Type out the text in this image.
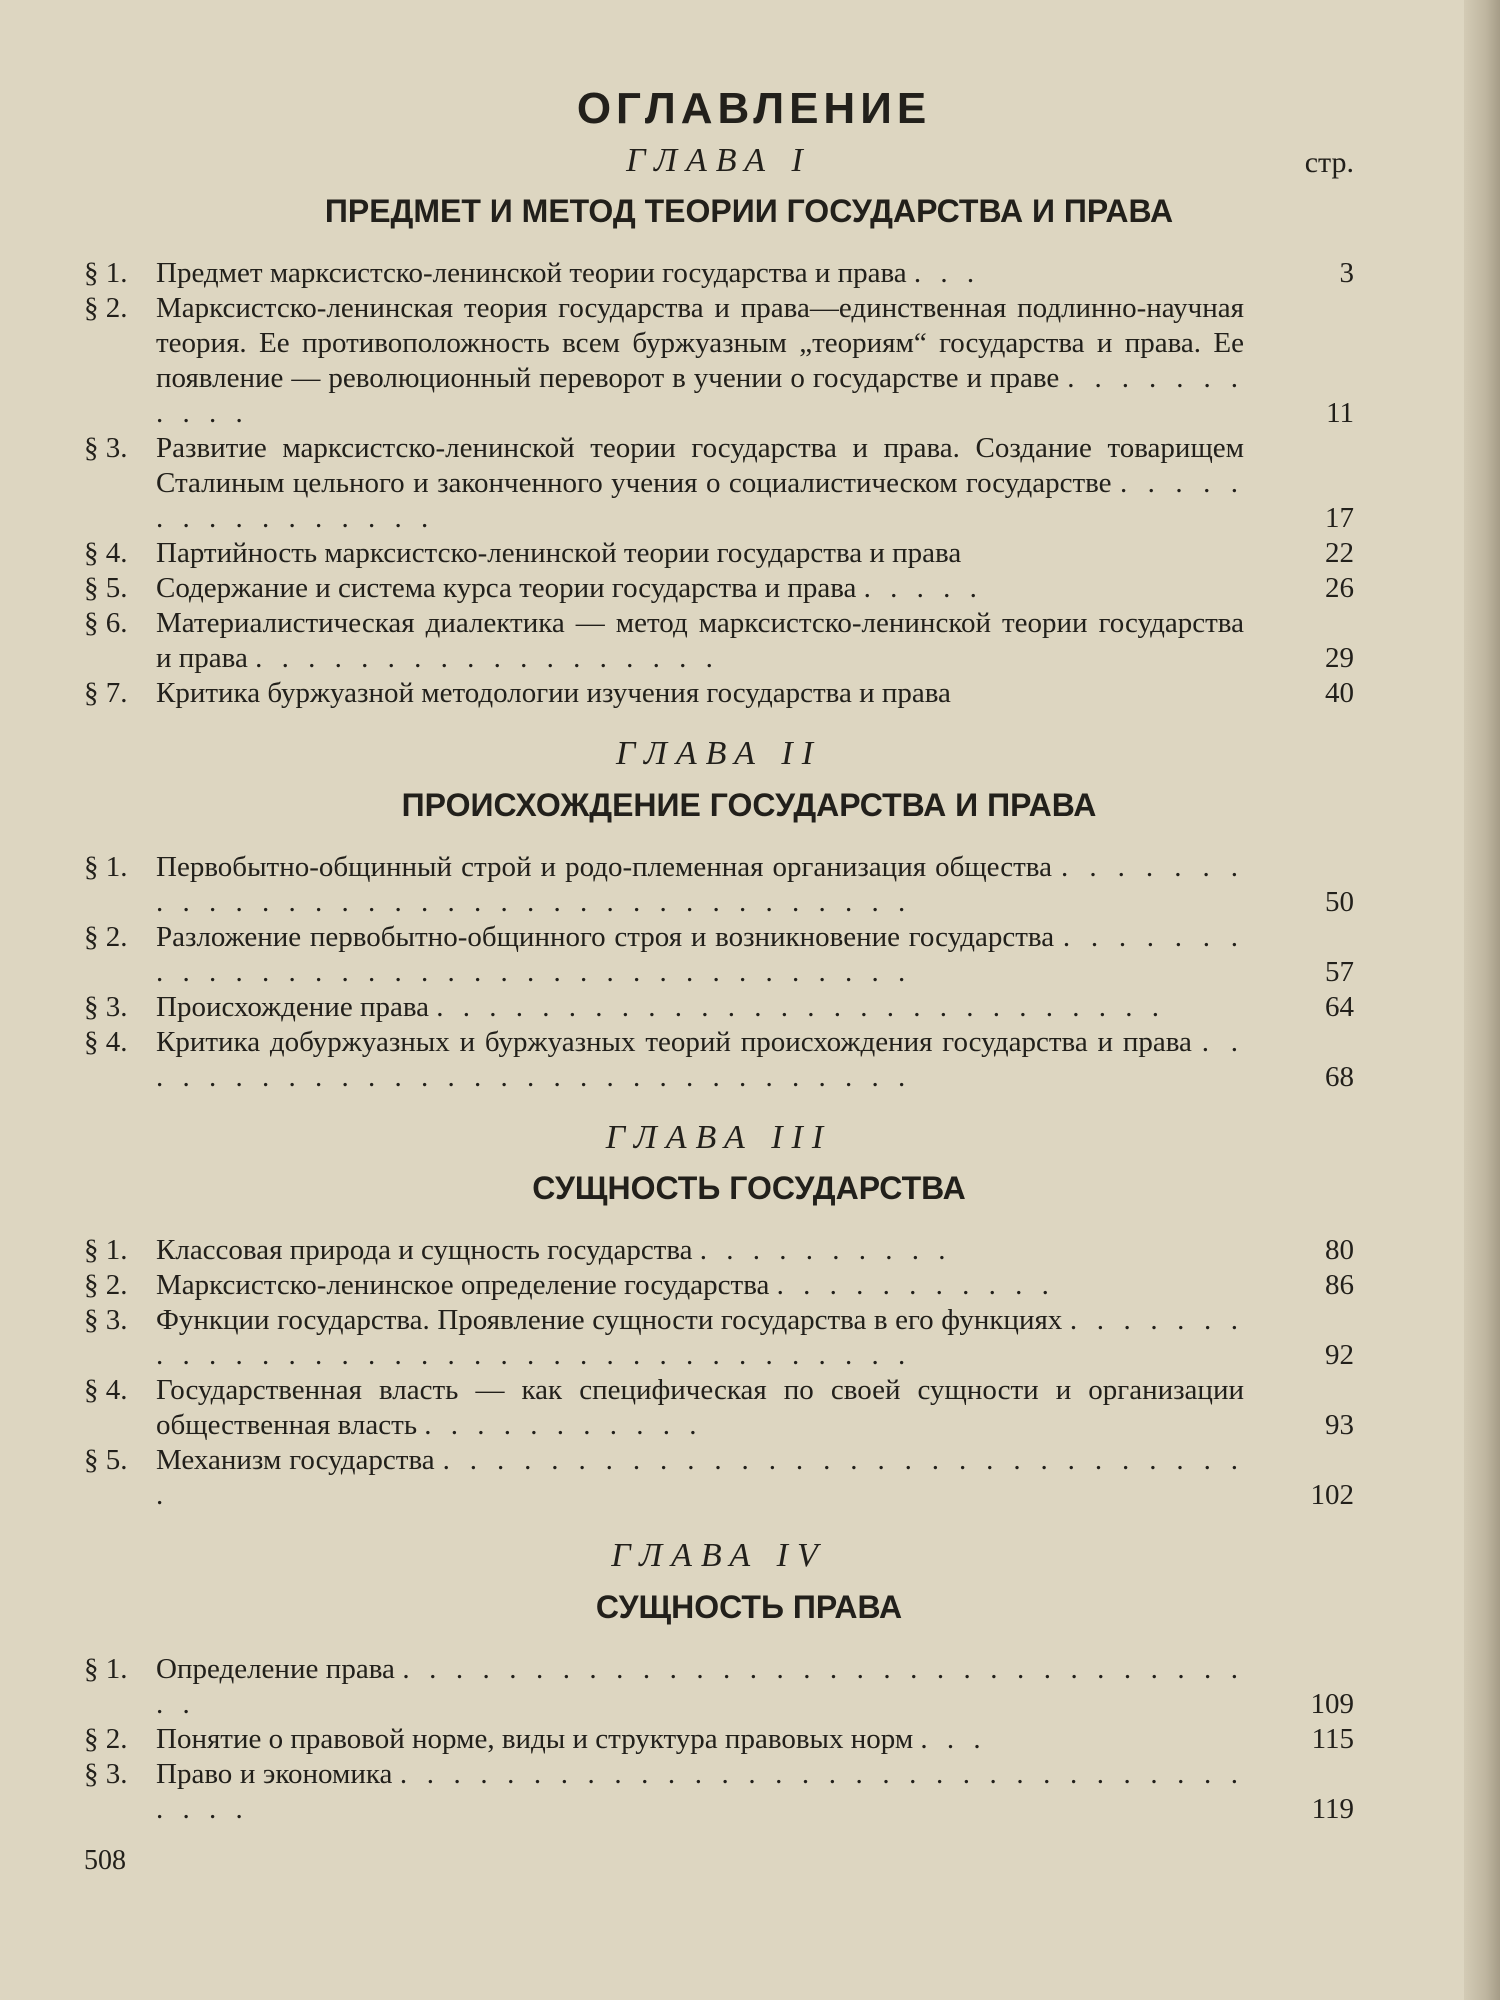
ОГЛАВЛЕНИЕ
ГЛАВА I	стр.
ПРЕДМЕТ И МЕТОД ТЕОРИИ ГОСУДАРСТВА И ПРАВА
§ 1. Предмет марксистско-ленинской теории государства и права . . .	3
§ 2. Марксистско-ленинская теория государства и права—единственная подлинно-научная теория. Ее противоположность всем буржуазным „теориям“ государства и права. Ее появление — революционный переворот в учении о государстве и праве . . . . . . . . . . .	11
§ 3. Развитие марксистско-ленинской теории государства и права. Создание товарищем Сталиным цельного и законченного учения о социалистическом государстве . . . . . . . . . . . . . . . .	17
§ 4. Партийность марксистско-ленинской теории государства и права	22
§ 5. Содержание и система курса теории государства и права . . . . .	26
§ 6. Материалистическая диалектика — метод марксистско-ленинской теории государства и права . . . . . . . . . . . . . . . . . .	29
§ 7. Критика буржуазной методологии изучения государства и права	40
ГЛАВА II
ПРОИСХОЖДЕНИЕ ГОСУДАРСТВА И ПРАВА
§ 1. Первобытно-общинный строй и родо-племенная организация общества . . . . . . . . . . . . . . . . . . . . . . . . . . . . . . . . . . . .	50
§ 2. Разложение первобытно-общинного строя и возникновение государства . . . . . . . . . . . . . . . . . . . . . . . . . . . . . . . . . . . .	57
§ 3. Происхождение права . . . . . . . . . . . . . . . . . . . . . . . . . . . .	64
§ 4. Критика добуржуазных и буржуазных теорий происхождения государства и права . . . . . . . . . . . . . . . . . . . . . . . . . . . . . . .	68
ГЛАВА III
СУЩНОСТЬ ГОСУДАРСТВА
§ 1. Классовая природа и сущность государства . . . . . . . . . .	80
§ 2. Марксистско-ленинское определение государства . . . . . . . . . . .	86
§ 3. Функции государства. Проявление сущности государства в его функциях . . . . . . . . . . . . . . . . . . . . . . . . . . . . . . . . . . . .	92
§ 4. Государственная власть — как специфическая по своей сущности и организации общественная власть . . . . . . . . . . .	93
§ 5. Механизм государства . . . . . . . . . . . . . . . . . . . . . . . . . . . . . . .	102
ГЛАВА IV
СУЩНОСТЬ ПРАВА
§ 1. Определение права . . . . . . . . . . . . . . . . . . . . . . . . . . . . . . . . . .	109
§ 2. Понятие о правовой норме, виды и структура правовых норм . . .	115
§ 3. Право и экономика . . . . . . . . . . . . . . . . . . . . . . . . . . . . . . . . . . . .	119
508
